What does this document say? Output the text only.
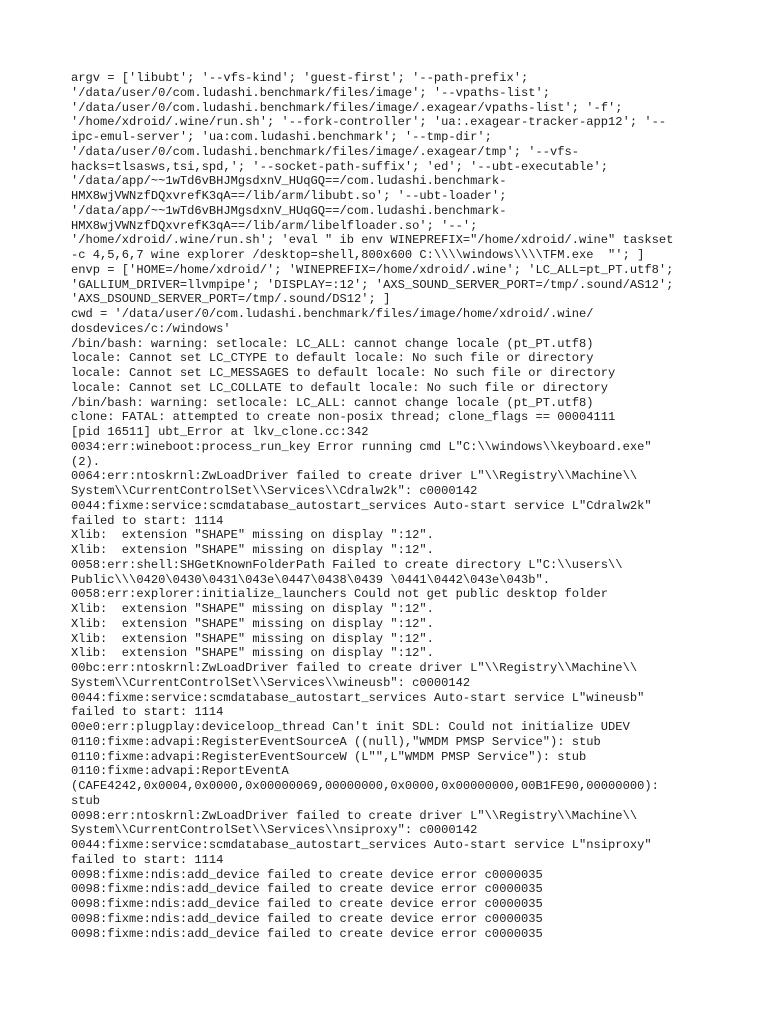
argv = ['libubt'; '--vfs-kind'; 'guest-first'; '--path-prefix';
'/data/user/0/com.ludashi.benchmark/files/image'; '--vpaths-list';
'/data/user/0/com.ludashi.benchmark/files/image/.exagear/vpaths-list'; '-f';
'/home/xdroid/.wine/run.sh'; '--fork-controller'; 'ua:.exagear-tracker-app12'; '--
ipc-emul-server'; 'ua:com.ludashi.benchmark'; '--tmp-dir';
'/data/user/0/com.ludashi.benchmark/files/image/.exagear/tmp'; '--vfs-
hacks=tlsasws,tsi,spd,'; '--socket-path-suffix'; 'ed'; '--ubt-executable';
'/data/app/~~1wTd6vBHJMgsdxnV_HUqGQ==/com.ludashi.benchmark-
HMX8wjVWNzfDQxvrefK3qA==/lib/arm/libubt.so'; '--ubt-loader';
'/data/app/~~1wTd6vBHJMgsdxnV_HUqGQ==/com.ludashi.benchmark-
HMX8wjVWNzfDQxvrefK3qA==/lib/arm/libelfloader.so'; '--';
'/home/xdroid/.wine/run.sh'; 'eval " ib env WINEPREFIX="/home/xdroid/.wine" taskset
-c 4,5,6,7 wine explorer /desktop=shell,800x600 C:\\\\windows\\\\TFM.exe  "'; ]
envp = ['HOME=/home/xdroid/'; 'WINEPREFIX=/home/xdroid/.wine'; 'LC_ALL=pt_PT.utf8';
'GALLIUM_DRIVER=llvmpipe'; 'DISPLAY=:12'; 'AXS_SOUND_SERVER_PORT=/tmp/.sound/AS12';
'AXS_DSOUND_SERVER_PORT=/tmp/.sound/DS12'; ]
cwd = '/data/user/0/com.ludashi.benchmark/files/image/home/xdroid/.wine/
dosdevices/c:/windows'
/bin/bash: warning: setlocale: LC_ALL: cannot change locale (pt_PT.utf8)
locale: Cannot set LC_CTYPE to default locale: No such file or directory
locale: Cannot set LC_MESSAGES to default locale: No such file or directory
locale: Cannot set LC_COLLATE to default locale: No such file or directory
/bin/bash: warning: setlocale: LC_ALL: cannot change locale (pt_PT.utf8)
clone: FATAL: attempted to create non-posix thread; clone_flags == 00004111
[pid 16511] ubt_Error at lkv_clone.cc:342
0034:err:wineboot:process_run_key Error running cmd L"C:\\windows\\keyboard.exe"
(2).
0064:err:ntoskrnl:ZwLoadDriver failed to create driver L"\\Registry\\Machine\\
System\\CurrentControlSet\\Services\\Cdralw2k": c0000142
0044:fixme:service:scmdatabase_autostart_services Auto-start service L"Cdralw2k"
failed to start: 1114
Xlib:  extension "SHAPE" missing on display ":12".
Xlib:  extension "SHAPE" missing on display ":12".
0058:err:shell:SHGetKnownFolderPath Failed to create directory L"C:\\users\\
Public\\\0420\0430\0431\043e\0447\0438\0439 \0441\0442\043e\043b".
0058:err:explorer:initialize_launchers Could not get public desktop folder
Xlib:  extension "SHAPE" missing on display ":12".
Xlib:  extension "SHAPE" missing on display ":12".
Xlib:  extension "SHAPE" missing on display ":12".
Xlib:  extension "SHAPE" missing on display ":12".
00bc:err:ntoskrnl:ZwLoadDriver failed to create driver L"\\Registry\\Machine\\
System\\CurrentControlSet\\Services\\wineusb": c0000142
0044:fixme:service:scmdatabase_autostart_services Auto-start service L"wineusb"
failed to start: 1114
00e0:err:plugplay:deviceloop_thread Can't init SDL: Could not initialize UDEV
0110:fixme:advapi:RegisterEventSourceA ((null),"WMDM PMSP Service"): stub
0110:fixme:advapi:RegisterEventSourceW (L"",L"WMDM PMSP Service"): stub
0110:fixme:advapi:ReportEventA
(CAFE4242,0x0004,0x0000,0x00000069,00000000,0x0000,0x00000000,00B1FE90,00000000):
stub
0098:err:ntoskrnl:ZwLoadDriver failed to create driver L"\\Registry\\Machine\\
System\\CurrentControlSet\\Services\\nsiproxy": c0000142
0044:fixme:service:scmdatabase_autostart_services Auto-start service L"nsiproxy"
failed to start: 1114
0098:fixme:ndis:add_device failed to create device error c0000035
0098:fixme:ndis:add_device failed to create device error c0000035
0098:fixme:ndis:add_device failed to create device error c0000035
0098:fixme:ndis:add_device failed to create device error c0000035
0098:fixme:ndis:add_device failed to create device error c0000035
